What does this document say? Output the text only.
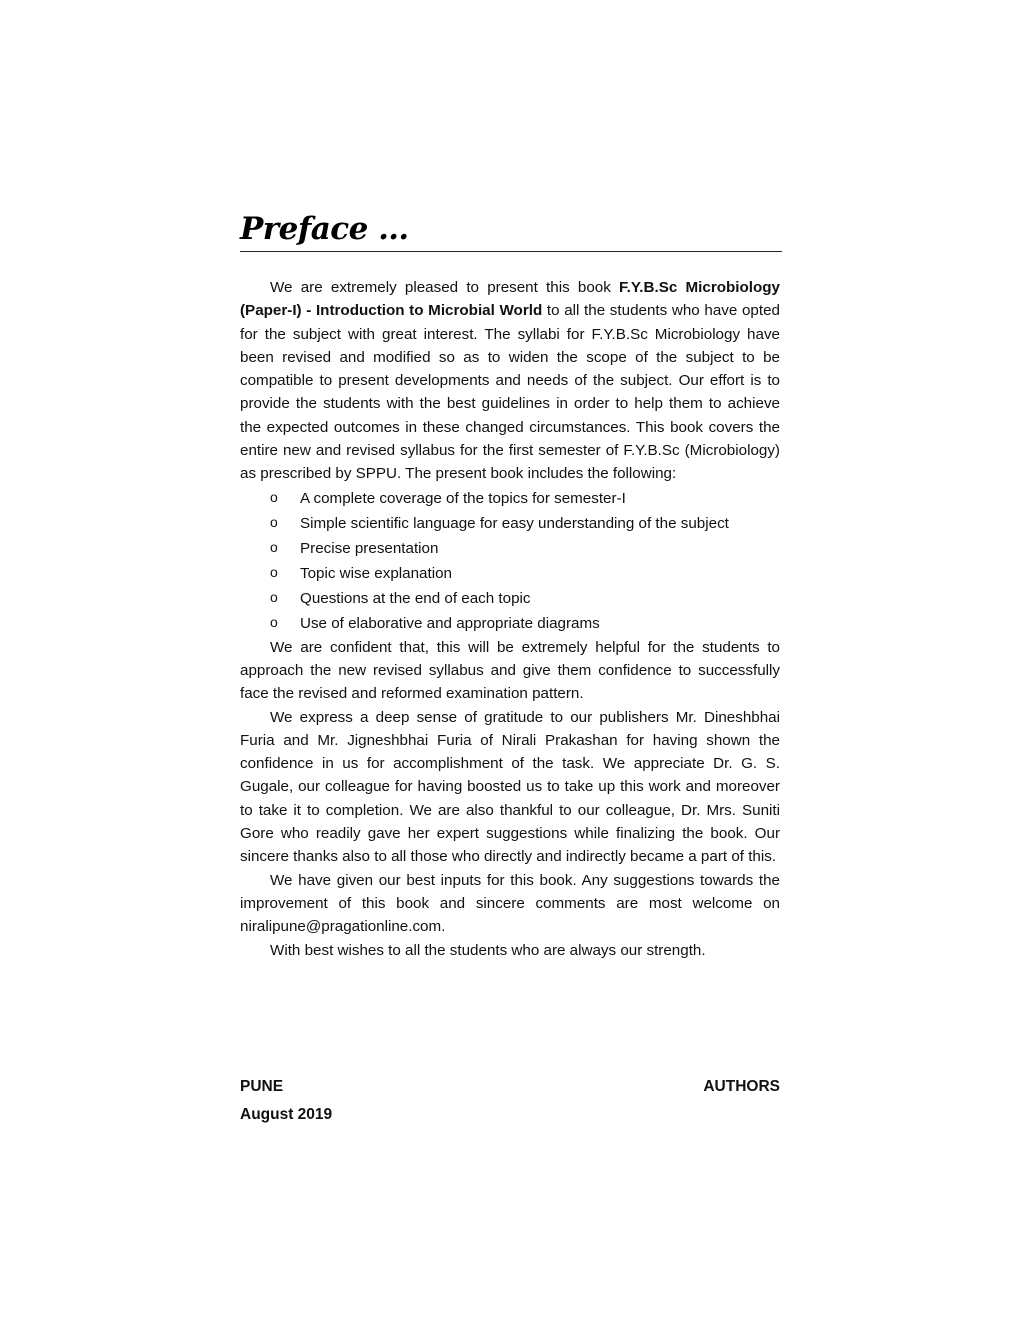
Preface …

We are extremely pleased to present this book F.Y.B.Sc Microbiology (Paper-I) - Introduction to Microbial World to all the students who have opted for the subject with great interest. The syllabi for F.Y.B.Sc Microbiology have been revised and modified so as to widen the scope of the subject to be compatible to present developments and needs of the subject. Our effort is to provide the students with the best guidelines in order to help them to achieve the expected outcomes in these changed circumstances. This book covers the entire new and revised syllabus for the first semester of F.Y.B.Sc (Microbiology) as prescribed by SPPU. The present book includes the following:

o A complete coverage of the topics for semester-I
o Simple scientific language for easy understanding of the subject
o Precise presentation
o Topic wise explanation
o Questions at the end of each topic
o Use of elaborative and appropriate diagrams

We are confident that, this will be extremely helpful for the students to approach the new revised syllabus and give them confidence to successfully face the revised and reformed examination pattern.

We express a deep sense of gratitude to our publishers Mr. Dineshbhai Furia and Mr. Jigneshbhai Furia of Nirali Prakashan for having shown the confidence in us for accomplishment of the task. We appreciate Dr. G. S. Gugale, our colleague for having boosted us to take up this work and moreover to take it to completion. We are also thankful to our colleague, Dr. Mrs. Suniti Gore who readily gave her expert suggestions while finalizing the book. Our sincere thanks also to all those who directly and indirectly became a part of this.

We have given our best inputs for this book. Any suggestions towards the improvement of this book and sincere comments are most welcome on niralipune@pragationline.com.

With best wishes to all the students who are always our strength.

PUNE	AUTHORS
August 2019
